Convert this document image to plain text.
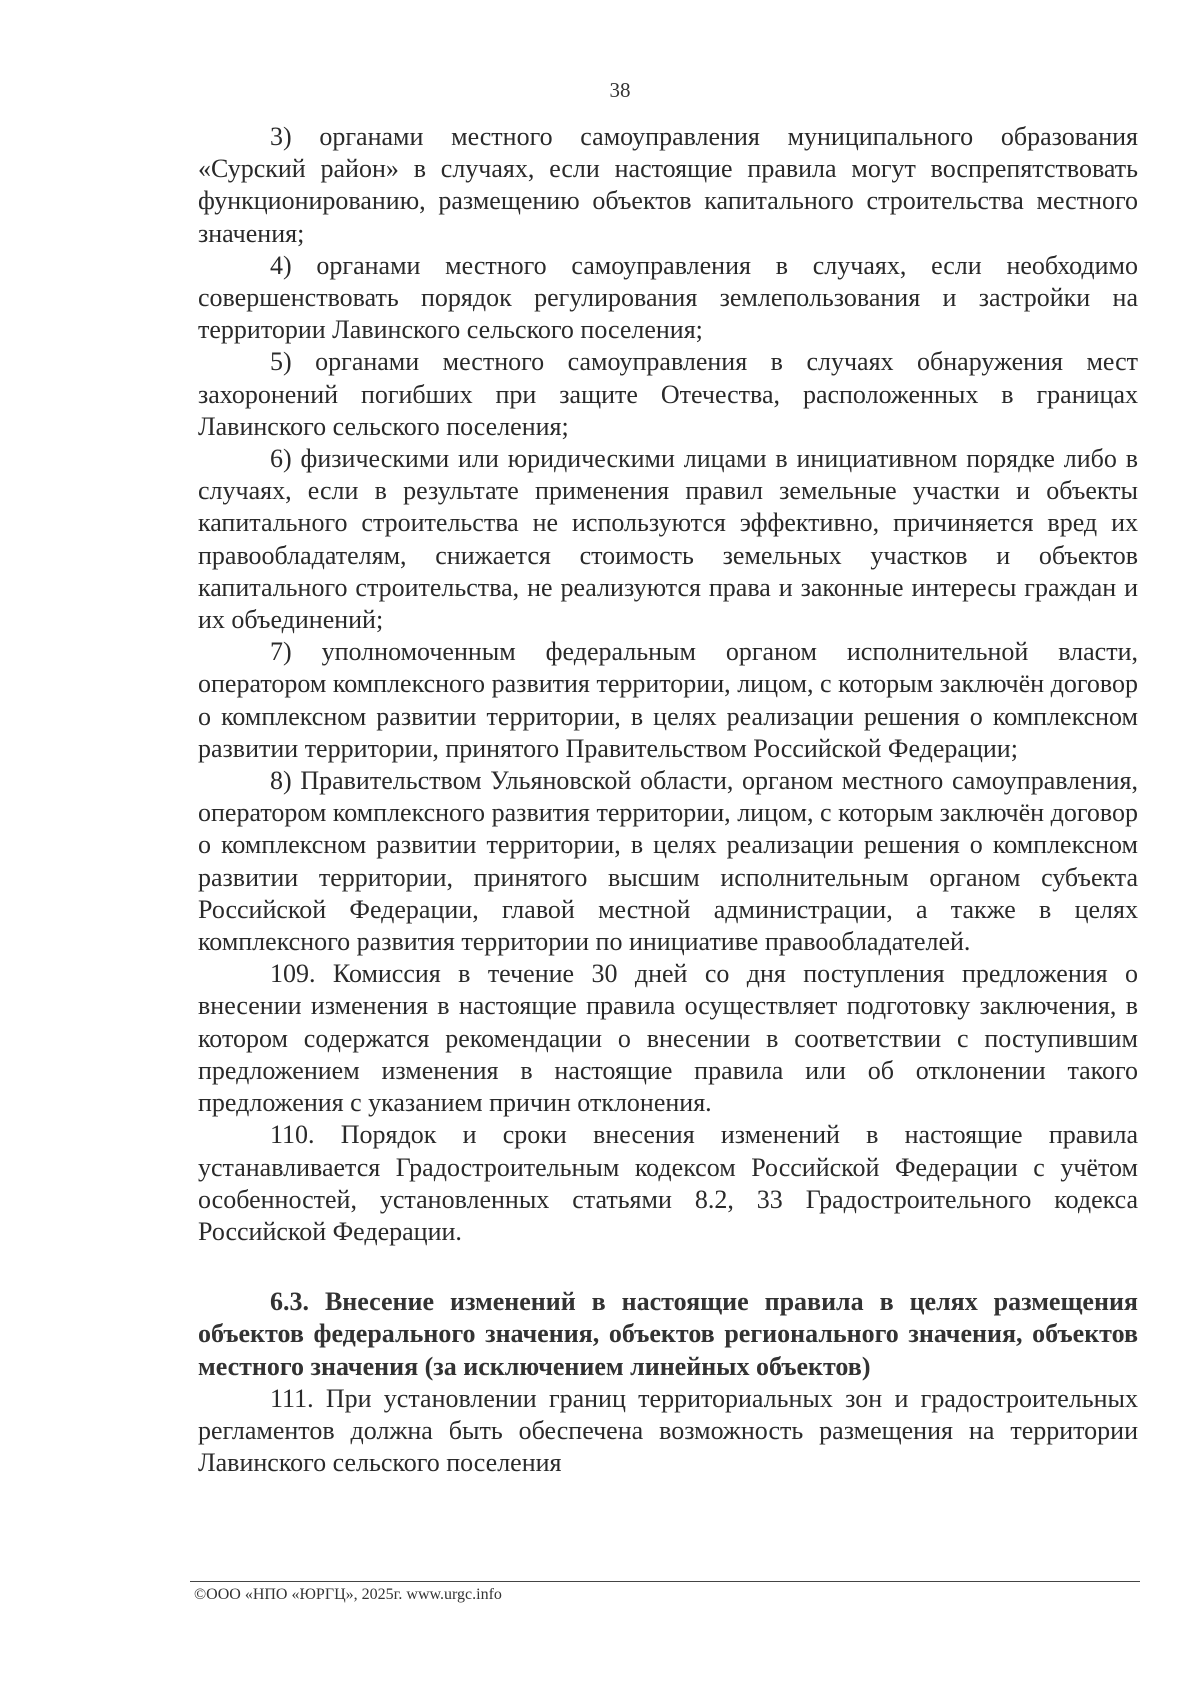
38

3) органами местного самоуправления муниципального образования «Сурский район» в случаях, если настоящие правила могут воспрепятствовать функционированию, размещению объектов капитального строительства местного значения;

4) органами местного самоуправления в случаях, если необходимо совершенствовать порядок регулирования землепользования и застройки на территории Лавинского сельского поселения;

5) органами местного самоуправления в случаях обнаружения мест захоронений погибших при защите Отечества, расположенных в границах Лавинского сельского поселения;

6) физическими или юридическими лицами в инициативном порядке либо в случаях, если в результате применения правил земельные участки и объекты капитального строительства не используются эффективно, причиняется вред их правообладателям, снижается стоимость земельных участков и объектов капитального строительства, не реализуются права и законные интересы граждан и их объединений;

7) уполномоченным федеральным органом исполнительной власти, оператором комплексного развития территории, лицом, с которым заключён договор о комплексном развитии территории, в целях реализации решения о комплексном развитии территории, принятого Правительством Российской Федерации;

8) Правительством Ульяновской области, органом местного самоуправления, оператором комплексного развития территории, лицом, с которым заключён договор о комплексном развитии территории, в целях реализации решения о комплексном развитии территории, принятого высшим исполнительным органом субъекта Российской Федерации, главой местной администрации, а также в целях комплексного развития территории по инициативе правообладателей.

109. Комиссия в течение 30 дней со дня поступления предложения о внесении изменения в настоящие правила осуществляет подготовку заключения, в котором содержатся рекомендации о внесении в соответствии с поступившим предложением изменения в настоящие правила или об отклонении такого предложения с указанием причин отклонения.

110. Порядок и сроки внесения изменений в настоящие правила устанавливается Градостроительным кодексом Российской Федерации с учётом особенностей, установленных статьями 8.2, 33 Градостроительного кодекса Российской Федерации.

6.3. Внесение изменений в настоящие правила в целях размещения объектов федерального значения, объектов регионального значения, объектов местного значения (за исключением линейных объектов)

111. При установлении границ территориальных зон и градостроительных регламентов должна быть обеспечена возможность размещения на территории Лавинского сельского поселения

©ООО «НПО «ЮРГЦ», 2025г. www.urgc.info
